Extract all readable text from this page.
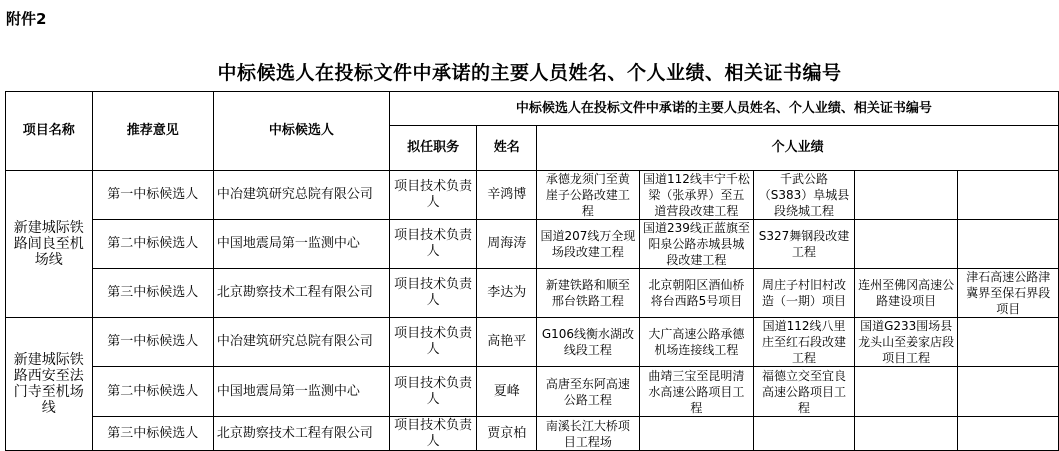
附件2
中标候选人在投标文件中承诺的主要人员姓名、个人业绩、相关证书编号
项目名称	推荐意见	中标候选人	中标候选人在投标文件中承诺的主要人员姓名、个人业绩、相关证书编号						
			拟任职务	姓名	个人业绩				
新建城际铁路闾良至机场线	第一中标候选人	中冶建筑研究总院有限公司	项目技术负责人	辛鸿博	承德龙须门至黄崖子公路改建工程	国道112线丰宁千松梁（张承界）至五道营段改建工程	千武公路（S383）阜城县段绕城工程		
	第二中标候选人	中国地震局第一监测中心	项目技术负责人	周海涛	国道207线万全现场段改建工程	国道239线正蓝旗至阳泉公路赤城县城段改建工程	S327舞钢段改建工程		
	第三中标候选人	北京勘察技术工程有限公司	项目技术负责人	李达为	新建铁路和顺至邢台铁路工程	北京朝阳区酒仙桥将台西路5号项目	周庄子村旧村改造（一期）项目	连州至佛冈高速公路建设项目	津石高速公路津冀界至保石界段项目
新建城际铁路西安至法门寺至机场线	第一中标候选人	中冶建筑研究总院有限公司	项目技术负责人	高艳平	G106线衡水湖改线段工程	大广高速公路承德机场连接线工程	国道112线八里庄至红石段改建工程	国道G233围场县龙头山至姜家店段项目工程	
	第二中标候选人	中国地震局第一监测中心	项目技术负责人	夏峰	高唐至东阿高速公路工程	曲靖三宝至昆明清水高速公路项目工程	福德立交至宜良高速公路项目工程		
	第三中标候选人	北京勘察技术工程有限公司	项目技术负责人	贾京柏	南溪长江大桥项目工程场				
